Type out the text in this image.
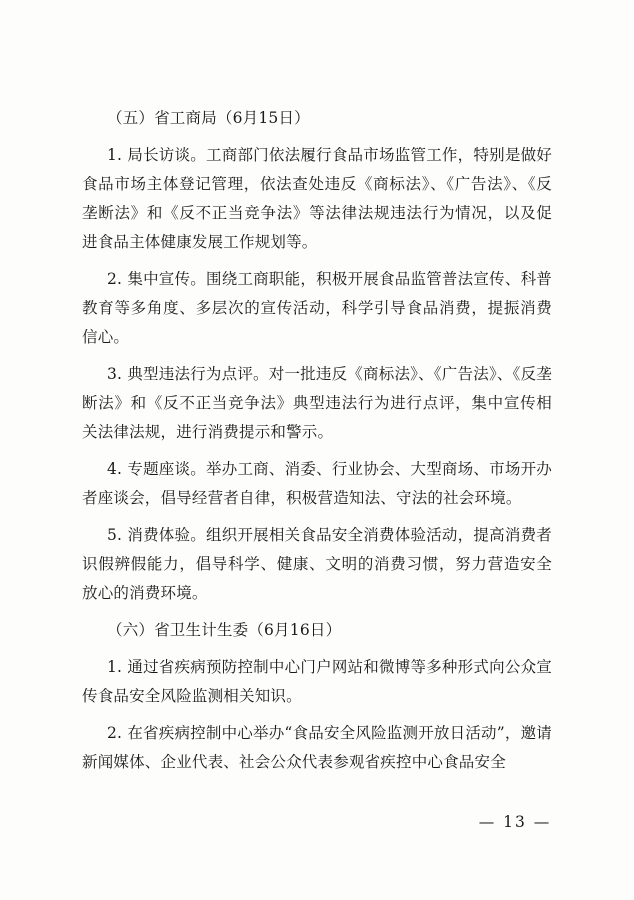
（五）省工商局（6月15日）

1. 局长访谈。工商部门依法履行食品市场监管工作，特别是做好食品市场主体登记管理，依法查处违反《商标法》、《广告法》、《反垄断法》和《反不正当竞争法》等法律法规违法行为情况，以及促进食品主体健康发展工作规划等。

2. 集中宣传。围绕工商职能，积极开展食品监管普法宣传、科普教育等多角度、多层次的宣传活动，科学引导食品消费，提振消费信心。

3. 典型违法行为点评。对一批违反《商标法》、《广告法》、《反垄断法》和《反不正当竞争法》典型违法行为进行点评，集中宣传相关法律法规，进行消费提示和警示。

4. 专题座谈。举办工商、消委、行业协会、大型商场、市场开办者座谈会，倡导经营者自律，积极营造知法、守法的社会环境。

5. 消费体验。组织开展相关食品安全消费体验活动，提高消费者识假辨假能力，倡导科学、健康、文明的消费习惯，努力营造安全放心的消费环境。

（六）省卫生计生委（6月16日）

1. 通过省疾病预防控制中心门户网站和微博等多种形式向公众宣传食品安全风险监测相关知识。

2. 在省疾病控制中心举办“食品安全风险监测开放日活动”，邀请新闻媒体、企业代表、社会公众代表参观省疾控中心食品安全

— 13 —
